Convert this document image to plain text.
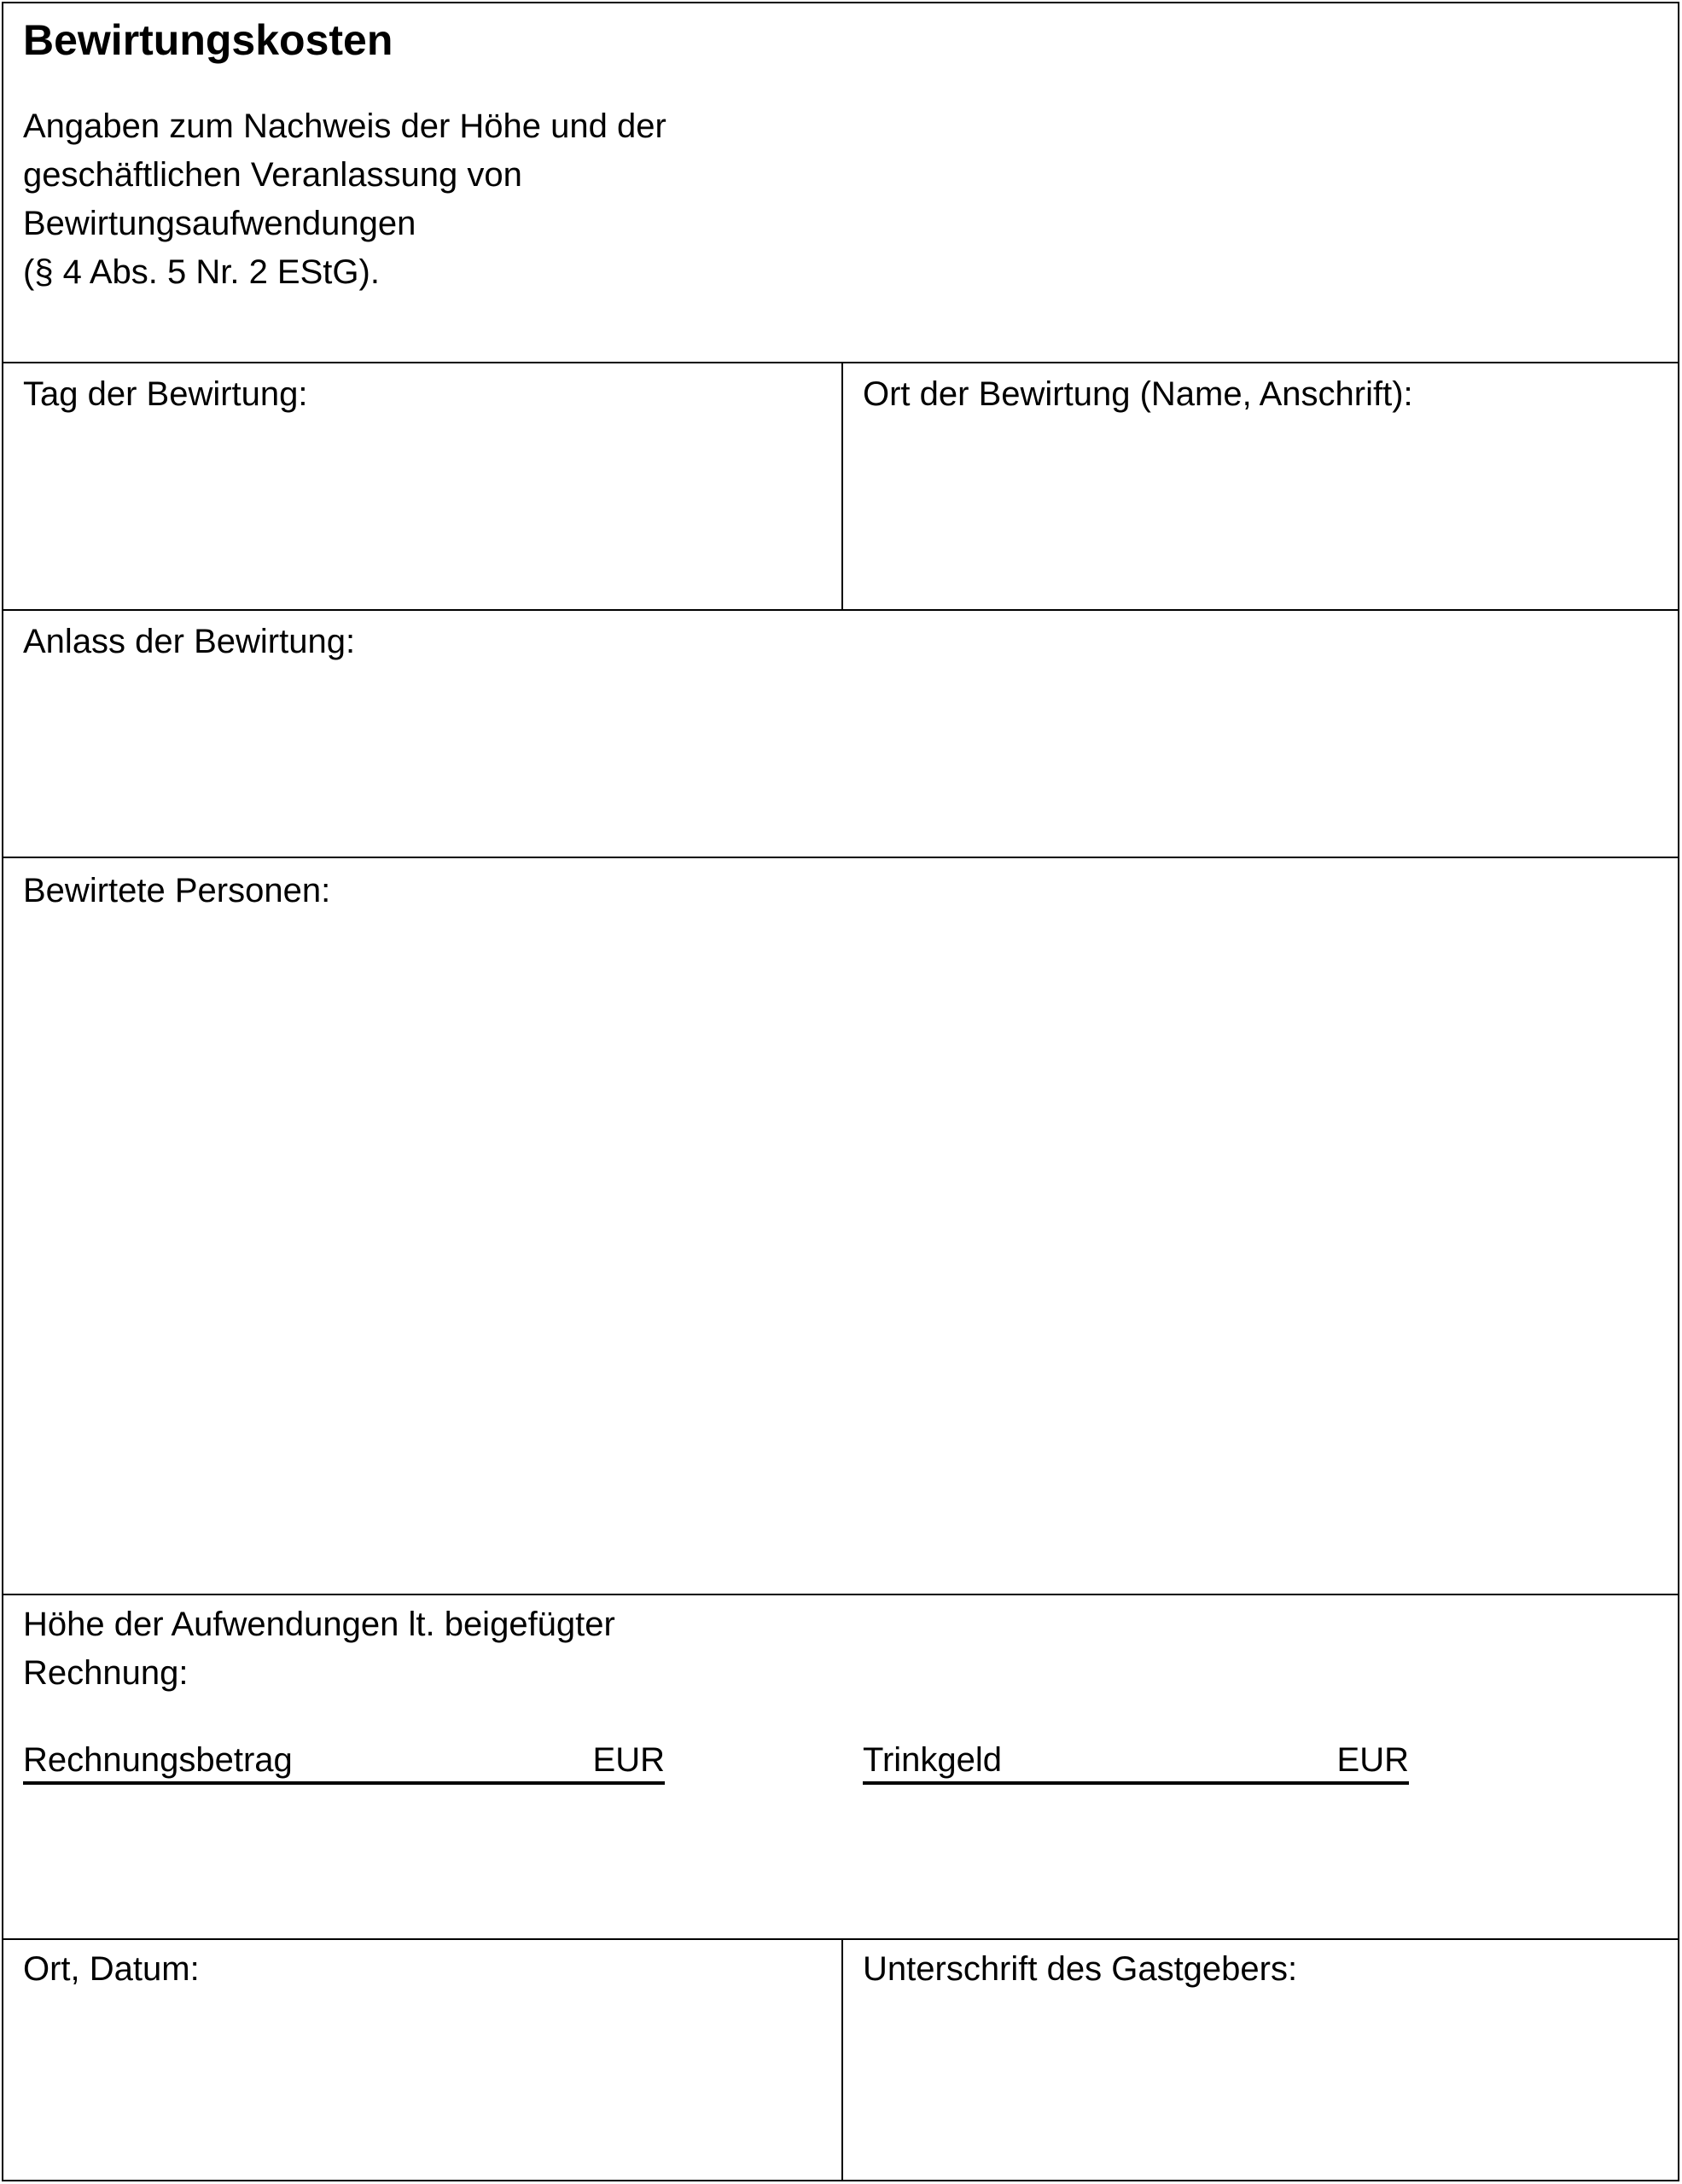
Bewirtungskosten
Angaben zum Nachweis der Höhe und der
geschäftlichen Veranlassung von
Bewirtungsaufwendungen
(§ 4 Abs. 5 Nr. 2 EStG).
Tag der Bewirtung:	Ort der Bewirtung (Name, Anschrift):
Anlass der Bewirtung:
Bewirtete Personen:
Höhe der Aufwendungen lt. beigefügter
Rechnung:
Rechnungsbetrag	EUR	Trinkgeld	EUR
Ort, Datum:	Unterschrift des Gastgebers:
